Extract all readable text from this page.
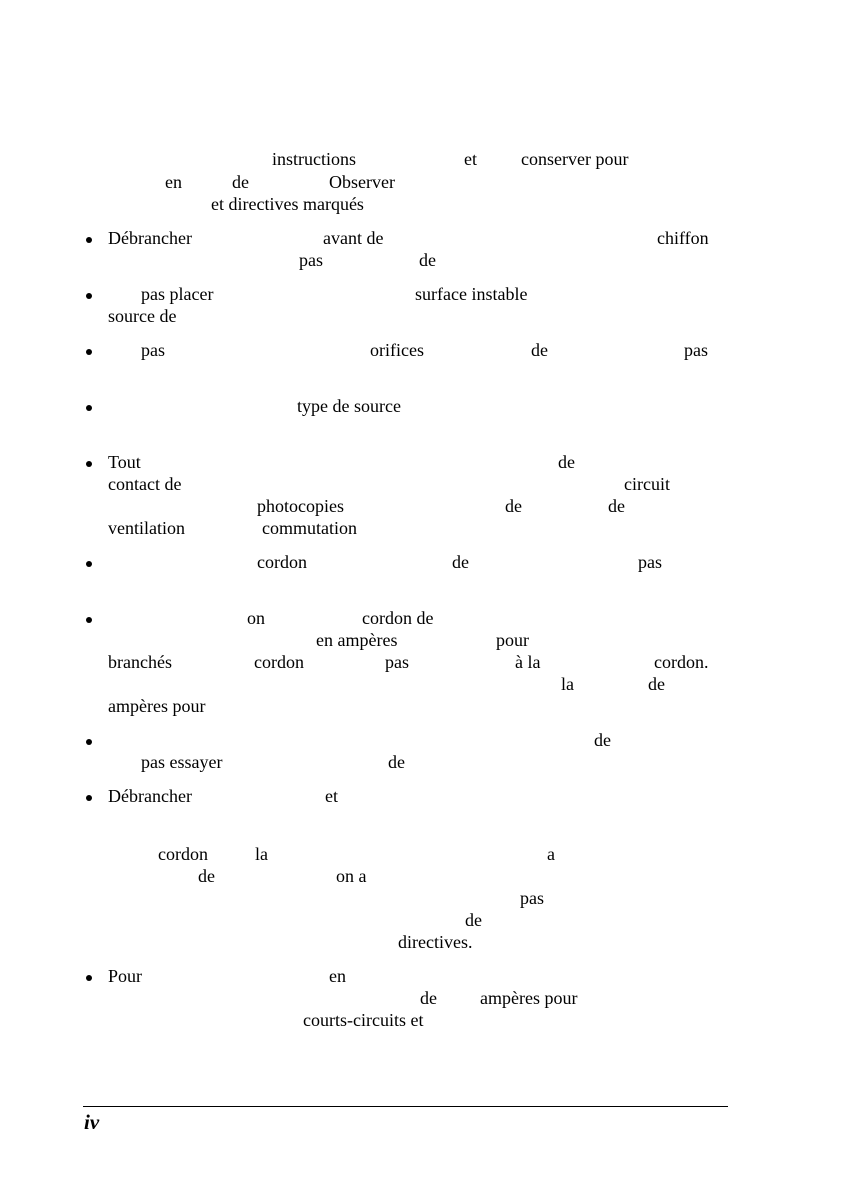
instructions	et conserver pour
en	de	Observer
et directives marqués
Débrancher	avant de	chiffon
pas	de
pas placer	surface instable
source de
pas	orifices	de	pas
type de source
Tout	de
contact de	circuit
photocopies	de	de
ventilation	commutation
cordon	de	pas
on	cordon de
en ampères	pour
branchés	cordon	pas	à la	cordon.
la	de
ampères pour
de
pas essayer	de
Débrancher	et
cordon	la	a
de	on a
pas
de
directives.
Pour	en
de ampères pour
courts-circuits et
iv
